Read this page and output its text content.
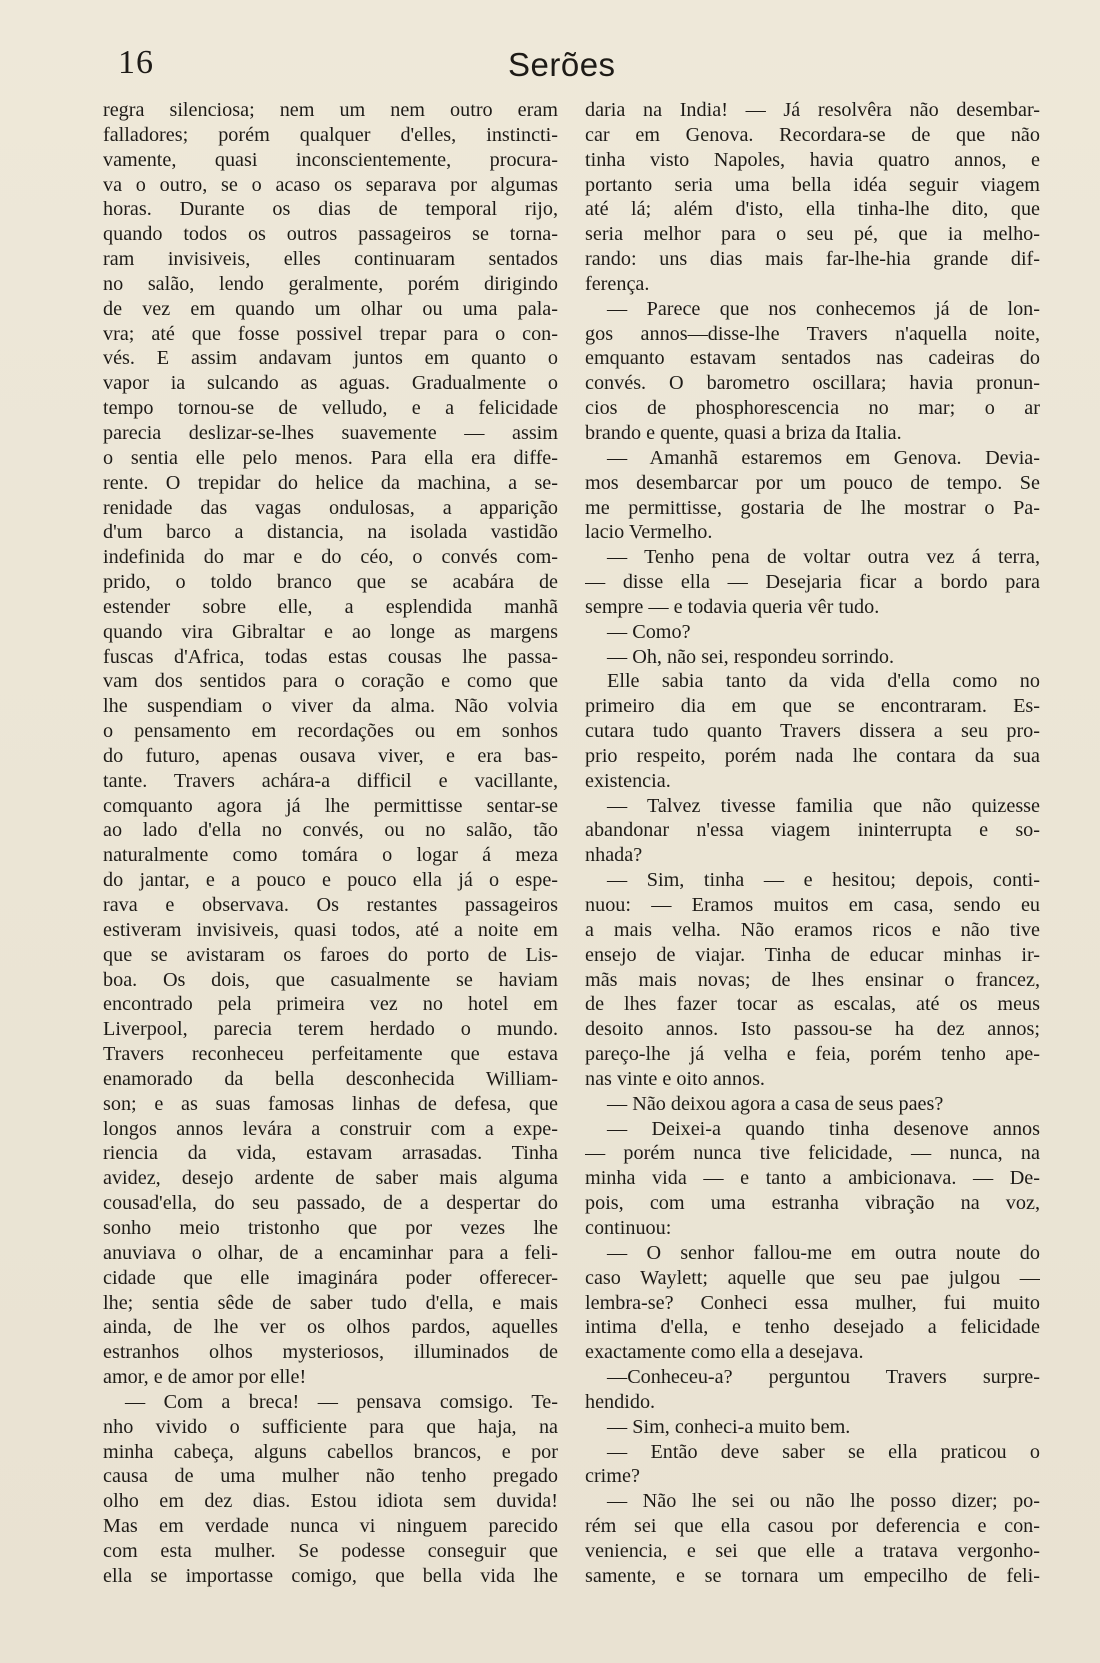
16	Serões
regra silenciosa; nem um nem outro eram
falladores; porém qualquer d'elles, instincti-
vamente, quasi inconscientemente, procura-
va o outro, se o acaso os separava por algumas
horas. Durante os dias de temporal rijo,
quando todos os outros passageiros se torna-
ram invisiveis, elles continuaram sentados
no salão, lendo geralmente, porém dirigindo
de vez em quando um olhar ou uma pala-
vra; até que fosse possivel trepar para o con-
vés. E assim andavam juntos em quanto o
vapor ia sulcando as aguas. Gradualmente o
tempo tornou-se de velludo, e a felicidade
parecia deslizar-se-lhes suavemente — assim
o sentia elle pelo menos. Para ella era diffe-
rente. O trepidar do helice da machina, a se-
renidade das vagas ondulosas, a apparição
d'um barco a distancia, na isolada vastidão
indefinida do mar e do céo, o convés com-
prido, o toldo branco que se acabára de
estender sobre elle, a esplendida manhã
quando vira Gibraltar e ao longe as margens
fuscas d'Africa, todas estas cousas lhe passa-
vam dos sentidos para o coração e como que
lhe suspendiam o viver da alma. Não volvia
o pensamento em recordações ou em sonhos
do futuro, apenas ousava viver, e era bas-
tante. Travers achára-a difficil e vacillante,
comquanto agora já lhe permittisse sentar-se
ao lado d'ella no convés, ou no salão, tão
naturalmente como tomára o logar á meza
do jantar, e a pouco e pouco ella já o espe-
rava e observava. Os restantes passageiros
estiveram invisiveis, quasi todos, até a noite em
que se avistaram os faroes do porto de Lis-
boa. Os dois, que casualmente se haviam
encontrado pela primeira vez no hotel em
Liverpool, parecia terem herdado o mundo.
Travers reconheceu perfeitamente que estava
enamorado da bella desconhecida William-
son; e as suas famosas linhas de defesa, que
longos annos levára a construir com a expe-
riencia da vida, estavam arrasadas. Tinha
avidez, desejo ardente de saber mais alguma
cousad'ella, do seu passado, de a despertar do
sonho meio tristonho que por vezes lhe
anuviava o olhar, de a encaminhar para a feli-
cidade que elle imaginára poder offerecer-
lhe; sentia sêde de saber tudo d'ella, e mais
ainda, de lhe ver os olhos pardos, aquelles
estranhos olhos mysteriosos, illuminados de
amor, e de amor por elle!
— Com a breca! — pensava comsigo. Te-
nho vivido o sufficiente para que haja, na
minha cabeça, alguns cabellos brancos, e por
causa de uma mulher não tenho pregado
olho em dez dias. Estou idiota sem duvida!
Mas em verdade nunca vi ninguem parecido
com esta mulher. Se podesse conseguir que
ella se importasse comigo, que bella vida lhe
daria na India! — Já resolvêra não desembar-
car em Genova. Recordara-se de que não
tinha visto Napoles, havia quatro annos, e
portanto seria uma bella idéa seguir viagem
até lá; além d'isto, ella tinha-lhe dito, que
seria melhor para o seu pé, que ia melho-
rando: uns dias mais far-lhe-hia grande dif-
ferença.
— Parece que nos conhecemos já de lon-
gos annos—disse-lhe Travers n'aquella noite,
emquanto estavam sentados nas cadeiras do
convés. O barometro oscillara; havia pronun-
cios de phosphorescencia no mar; o ar
brando e quente, quasi a briza da Italia.
— Amanhã estaremos em Genova. Devia-
mos desembarcar por um pouco de tempo. Se
me permittisse, gostaria de lhe mostrar o Pa-
lacio Vermelho.
— Tenho pena de voltar outra vez á terra,
— disse ella — Desejaria ficar a bordo para
sempre — e todavia queria vêr tudo.
— Como?
— Oh, não sei, respondeu sorrindo.
Elle sabia tanto da vida d'ella como no
primeiro dia em que se encontraram. Es-
cutara tudo quanto Travers dissera a seu pro-
prio respeito, porém nada lhe contara da sua
existencia.
— Talvez tivesse familia que não quizesse
abandonar n'essa viagem ininterrupta e so-
nhada?
— Sim, tinha — e hesitou; depois, conti-
nuou: — Eramos muitos em casa, sendo eu
a mais velha. Não eramos ricos e não tive
ensejo de viajar. Tinha de educar minhas ir-
mãs mais novas; de lhes ensinar o francez,
de lhes fazer tocar as escalas, até os meus
desoito annos. Isto passou-se ha dez annos;
pareço-lhe já velha e feia, porém tenho ape-
nas vinte e oito annos.
— Não deixou agora a casa de seus paes?
— Deixei-a quando tinha desenove annos
— porém nunca tive felicidade, — nunca, na
minha vida — e tanto a ambicionava. — De-
pois, com uma estranha vibração na voz,
continuou:
— O senhor fallou-me em outra noute do
caso Waylett; aquelle que seu pae julgou —
lembra-se? Conheci essa mulher, fui muito
intima d'ella, e tenho desejado a felicidade
exactamente como ella a desejava.
—Conheceu-a? perguntou Travers surpre-
hendido.
— Sim, conheci-a muito bem.
— Então deve saber se ella praticou o
crime?
— Não lhe sei ou não lhe posso dizer; po-
rém sei que ella casou por deferencia e con-
veniencia, e sei que elle a tratava vergonho-
samente, e se tornara um empecilho de feli-
